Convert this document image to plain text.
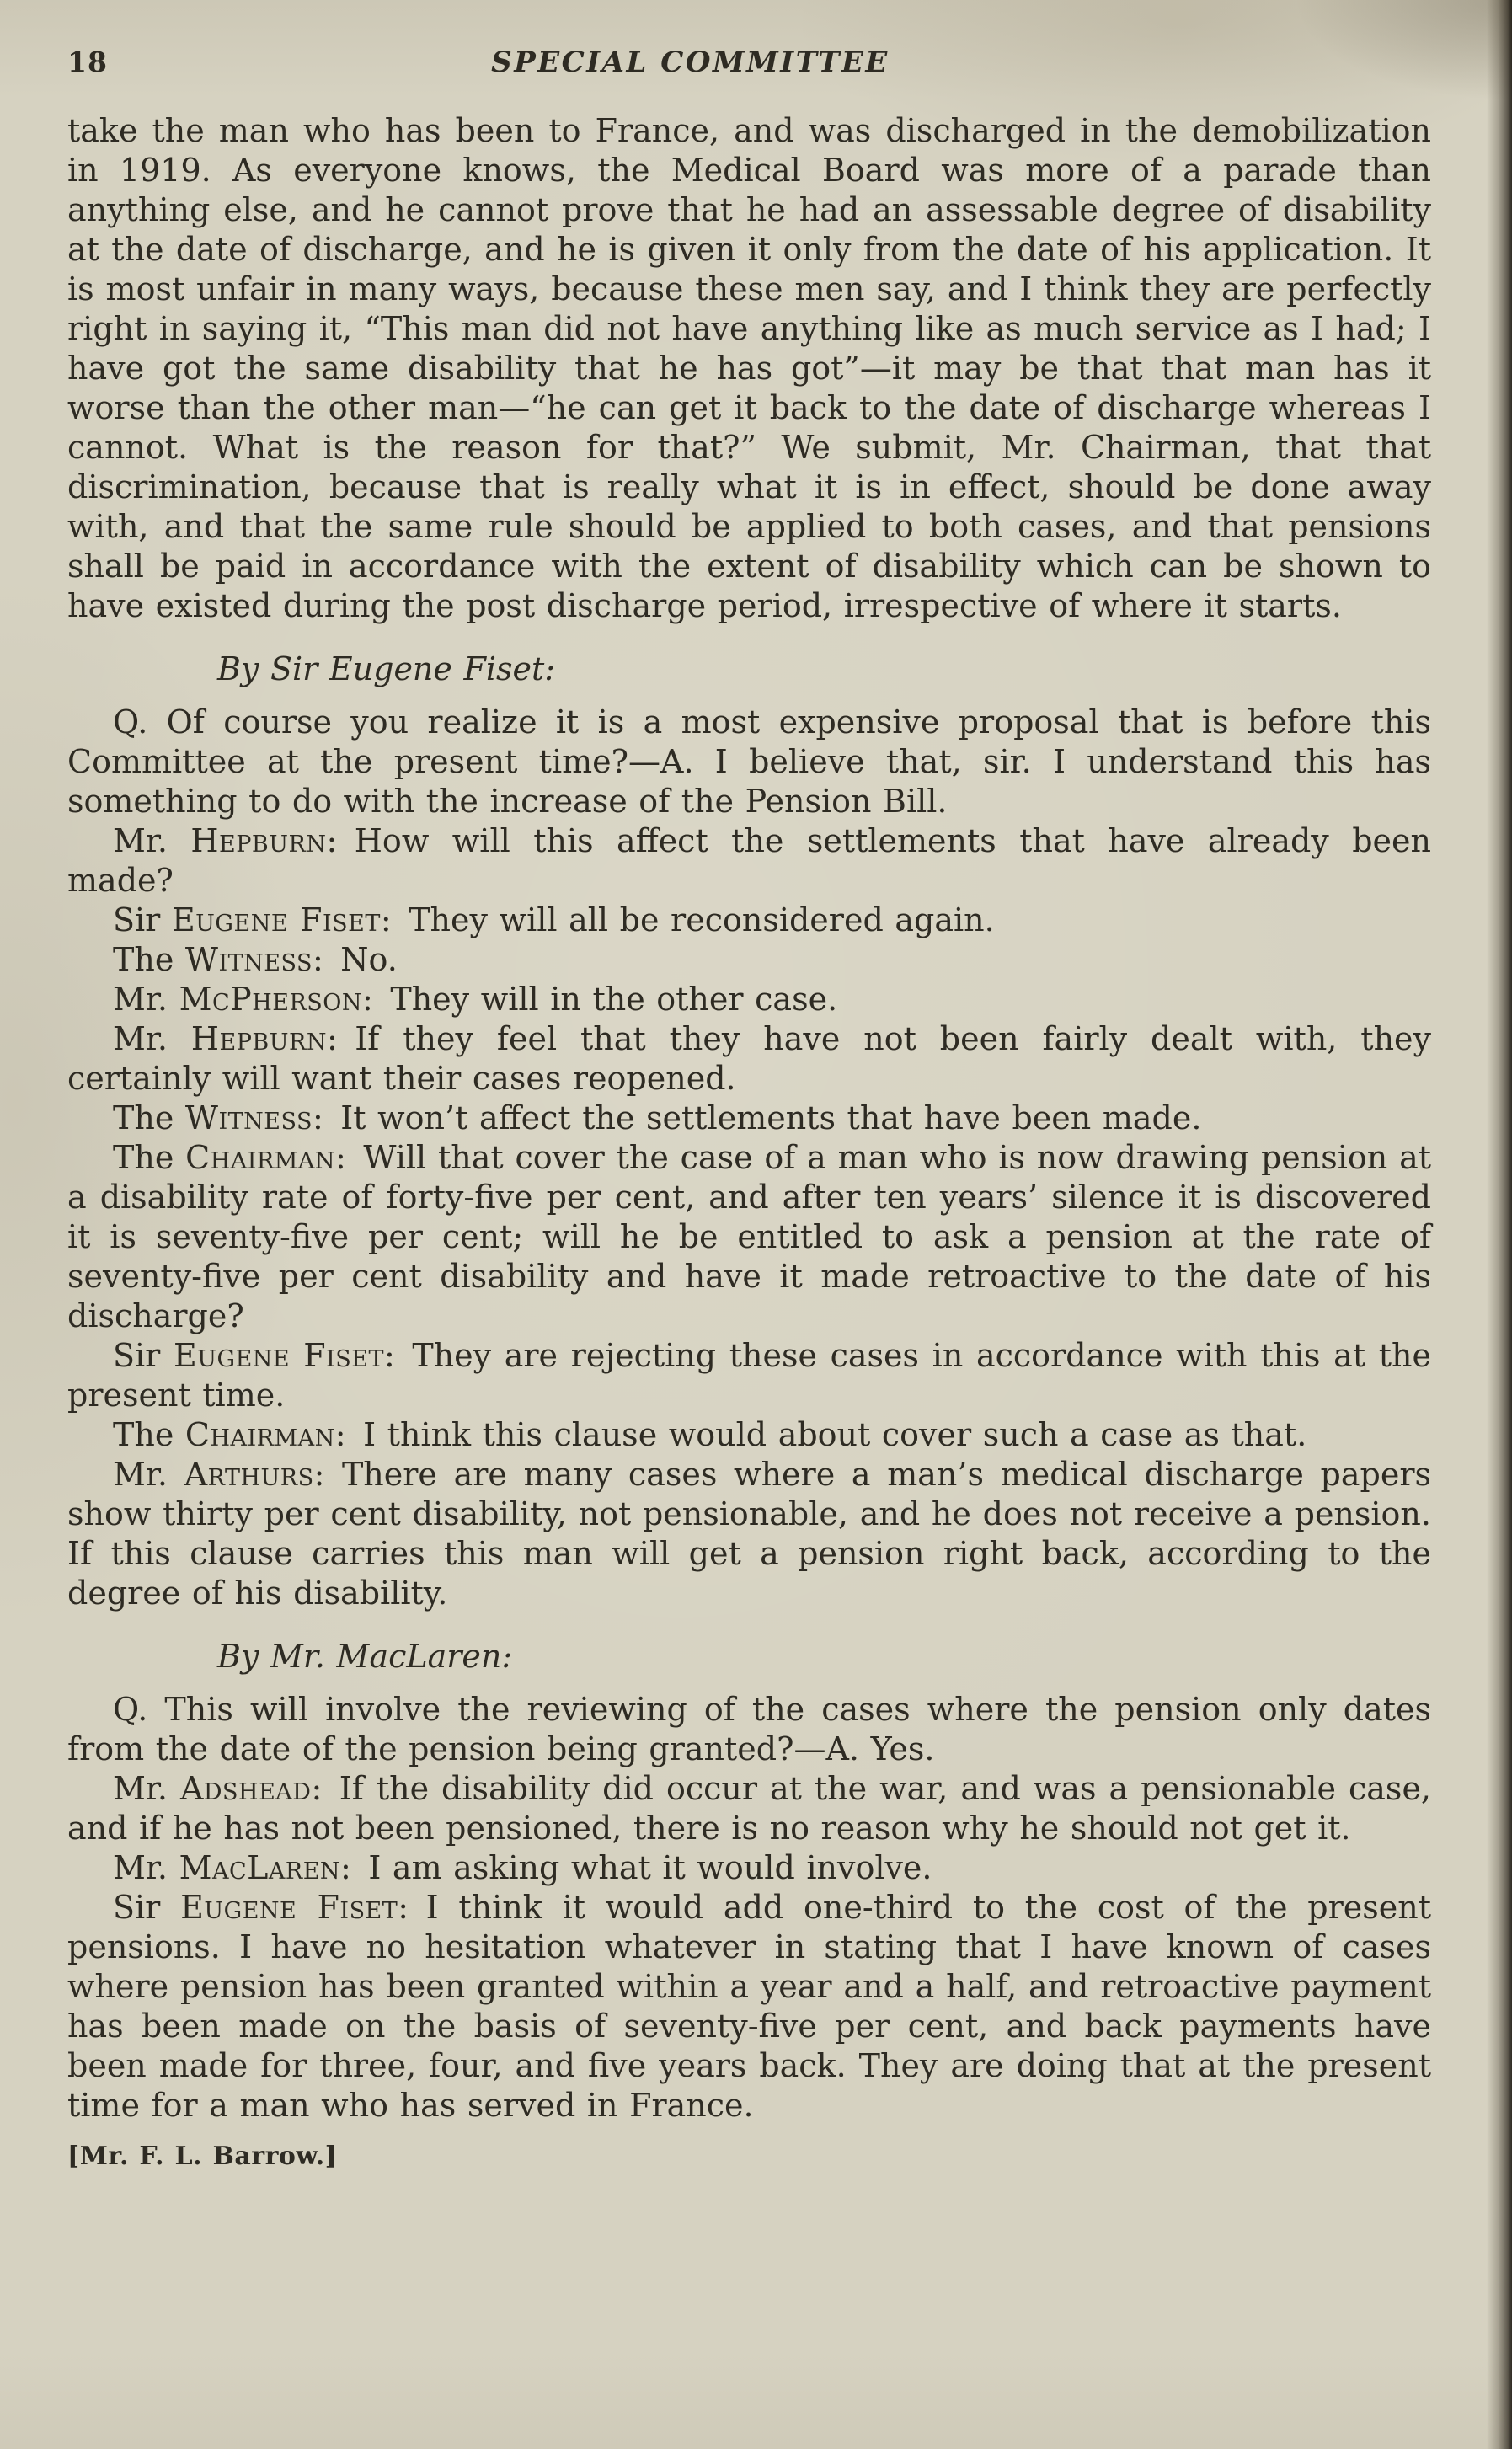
18	SPECIAL COMMITTEE

take the man who has been to France, and was discharged in the demobilization in 1919. As everyone knows, the Medical Board was more of a parade than anything else, and he cannot prove that he had an assessable degree of disability at the date of discharge, and he is given it only from the date of his application. It is most unfair in many ways, because these men say, and I think they are perfectly right in saying it, “This man did not have anything like as much service as I had; I have got the same disability that he has got”—it may be that that man has it worse than the other man—“he can get it back to the date of discharge whereas I cannot. What is the reason for that?” We submit, Mr. Chairman, that that discrimination, because that is really what it is in effect, should be done away with, and that the same rule should be applied to both cases, and that pensions shall be paid in accordance with the extent of disability which can be shown to have existed during the post discharge period, irrespective of where it starts.

By Sir Eugene Fiset:

Q. Of course you realize it is a most expensive proposal that is before this Committee at the present time?—A. I believe that, sir. I understand this has something to do with the increase of the Pension Bill.

Mr. Hepburn: How will this affect the settlements that have already been made?

Sir Eugene Fiset: They will all be reconsidered again.

The Witness: No.

Mr. McPherson: They will in the other case.

Mr. Hepburn: If they feel that they have not been fairly dealt with, they certainly will want their cases reopened.

The Witness: It won’t affect the settlements that have been made.

The Chairman: Will that cover the case of a man who is now drawing pension at a disability rate of forty-five per cent, and after ten years’ silence it is discovered it is seventy-five per cent; will he be entitled to ask a pension at the rate of seventy-five per cent disability and have it made retroactive to the date of his discharge?

Sir Eugene Fiset: They are rejecting these cases in accordance with this at the present time.

The Chairman: I think this clause would about cover such a case as that.

Mr. Arthurs: There are many cases where a man’s medical discharge papers show thirty per cent disability, not pensionable, and he does not receive a pension. If this clause carries this man will get a pension right back, according to the degree of his disability.

By Mr. MacLaren:

Q. This will involve the reviewing of the cases where the pension only dates from the date of the pension being granted?—A. Yes.

Mr. Adshead: If the disability did occur at the war, and was a pensionable case, and if he has not been pensioned, there is no reason why he should not get it.

Mr. MacLaren: I am asking what it would involve.

Sir Eugene Fiset: I think it would add one-third to the cost of the present pensions. I have no hesitation whatever in stating that I have known of cases where pension has been granted within a year and a half, and retroactive payment has been made on the basis of seventy-five per cent, and back payments have been made for three, four, and five years back. They are doing that at the present time for a man who has served in France.

[Mr. F. L. Barrow.]
